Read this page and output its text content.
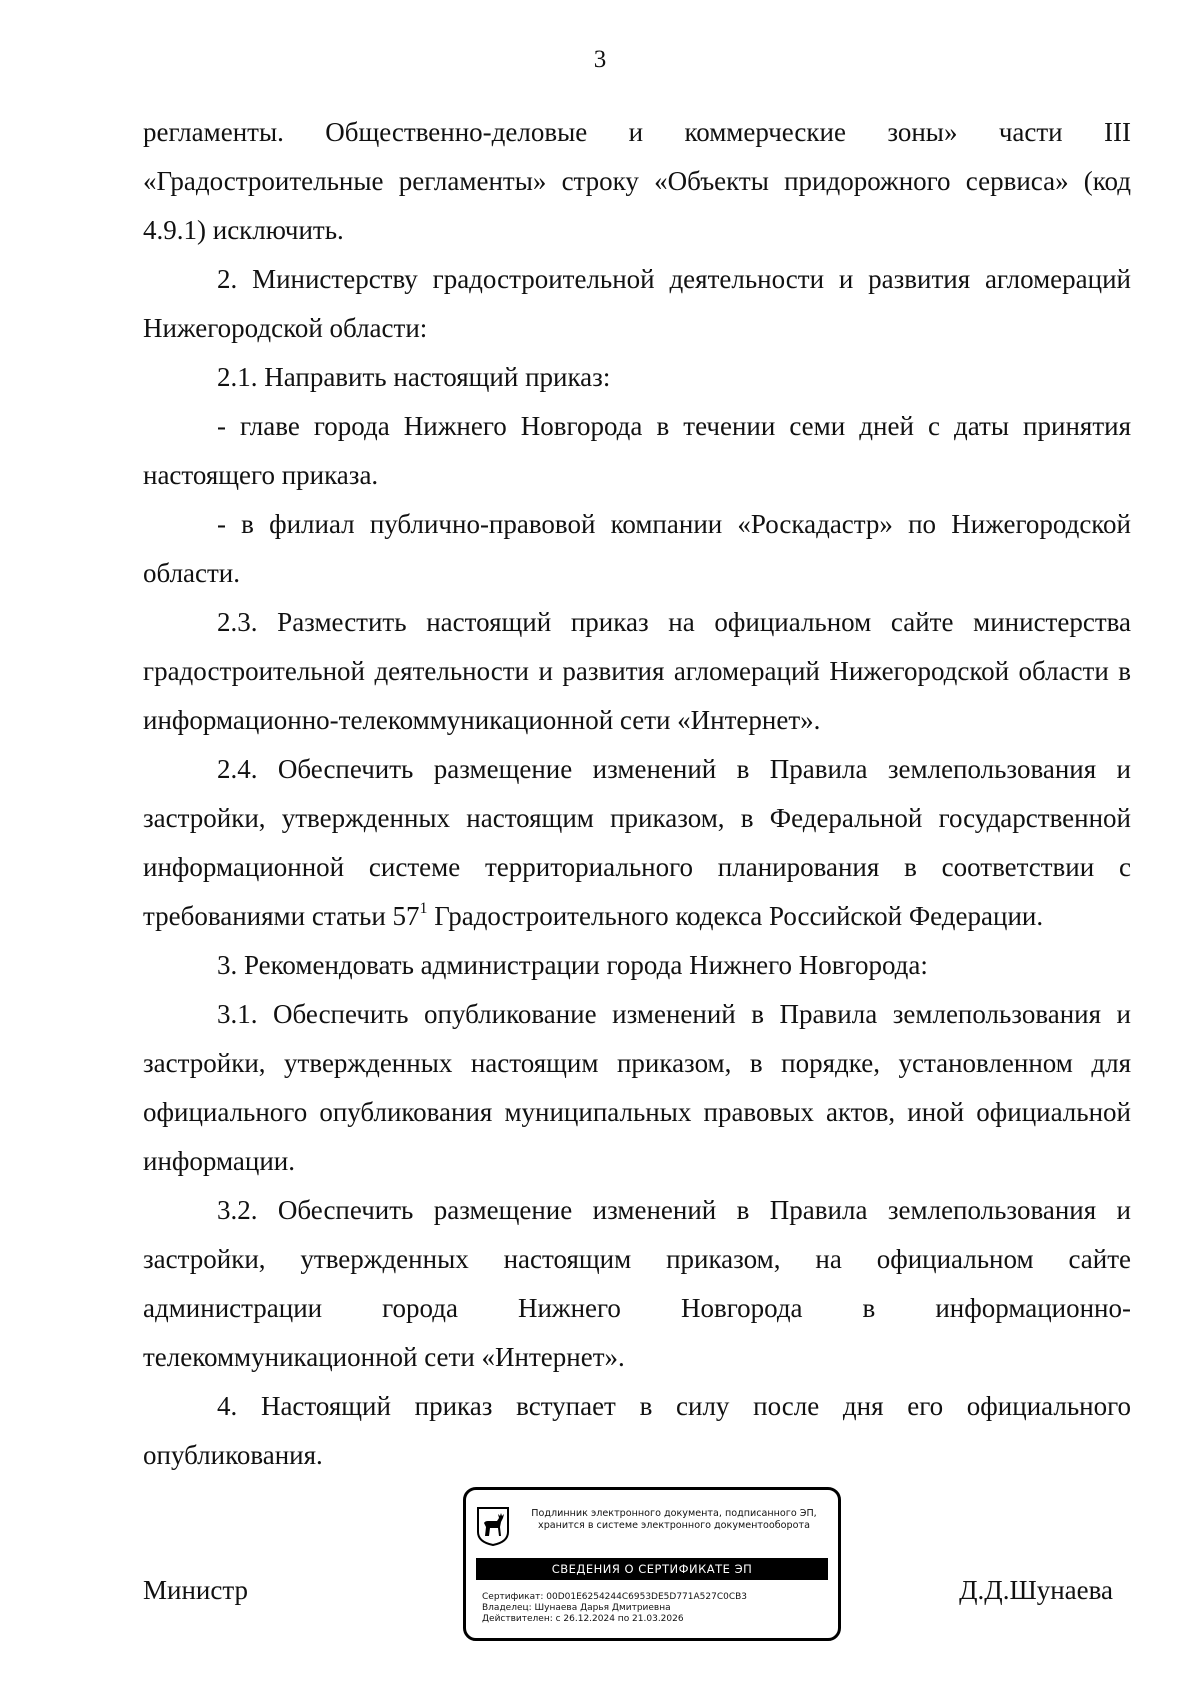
3

регламенты. Общественно-деловые и коммерческие зоны» части III «Градостроительные регламенты» строку «Объекты придорожного сервиса» (код 4.9.1) исключить.

2. Министерству градостроительной деятельности и развития агломераций Нижегородской области:

2.1. Направить настоящий приказ:

- главе города Нижнего Новгорода в течении семи дней с даты принятия настоящего приказа.

- в филиал публично-правовой компании «Роскадастр» по Нижегородской области.

2.3. Разместить настоящий приказ на официальном сайте министерства градостроительной деятельности и развития агломераций Нижегородской области в информационно-телекоммуникационной сети «Интернет».

2.4. Обеспечить размещение изменений в Правила землепользования и застройки, утвержденных настоящим приказом, в Федеральной государственной информационной системе территориального планирования в соответствии с требованиями статьи $57^1$ Градостроительного кодекса Российской Федерации.

3. Рекомендовать администрации города Нижнего Новгорода:

3.1. Обеспечить опубликование изменений в Правила землепользования и застройки, утвержденных настоящим приказом, в порядке, установленном для официального опубликования муниципальных правовых актов, иной официальной информации.

3.2. Обеспечить размещение изменений в Правила землепользования и застройки, утвержденных настоящим приказом, на официальном сайте администрации города Нижнего Новгорода в информационно-телекоммуникационной сети «Интернет».

4. Настоящий приказ вступает в силу после дня его официального опубликования.

Подлинник электронного документа, подписанного ЭП, хранится в системе электронного документооборота
СВЕДЕНИЯ О СЕРТИФИКАТЕ ЭП
Сертификат: 00D01E6254244C6953DE5D771A527C0CB3
Владелец: Шунаева Дарья Дмитриевна
Действителен: с 26.12.2024 по 21.03.2026
Министр	Д.Д.Шунаева
